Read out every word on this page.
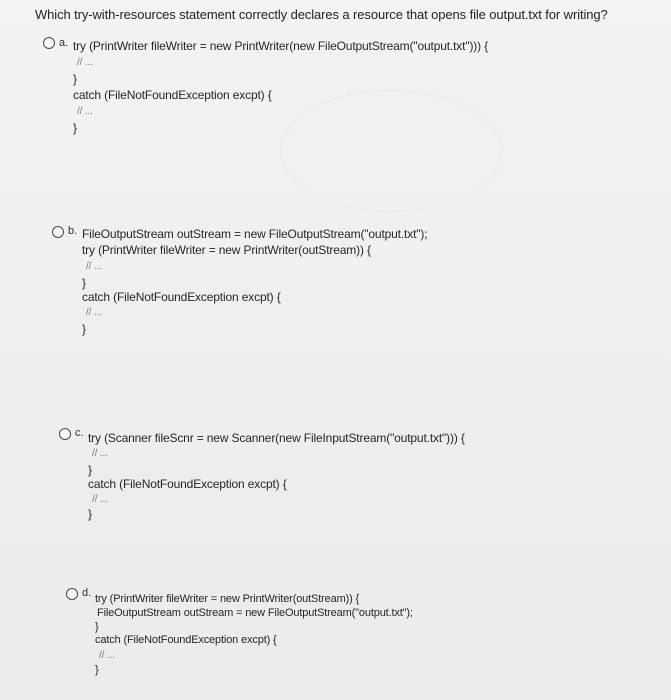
Which try-with-resources statement correctly declares a resource that opens file output.txt for writing?
a. try (PrintWriter fileWriter = new PrintWriter(new FileOutputStream("output.txt"))) {
// ...
}
catch (FileNotFoundException excpt) {
// ...
}
b. FileOutputStream outStream = new FileOutputStream("output.txt");
try (PrintWriter fileWriter = new PrintWriter(outStream)) {
// ...
}
catch (FileNotFoundException excpt) {
// ...
}
c. try (Scanner fileScnr = new Scanner(new FileInputStream("output.txt"))) {
// ...
}
catch (FileNotFoundException excpt) {
// ...
}
d. try (PrintWriter fileWriter = new PrintWriter(outStream)) {
FileOutputStream outStream = new FileOutputStream("output.txt");
}
catch (FileNotFoundException excpt) {
// ...
}
